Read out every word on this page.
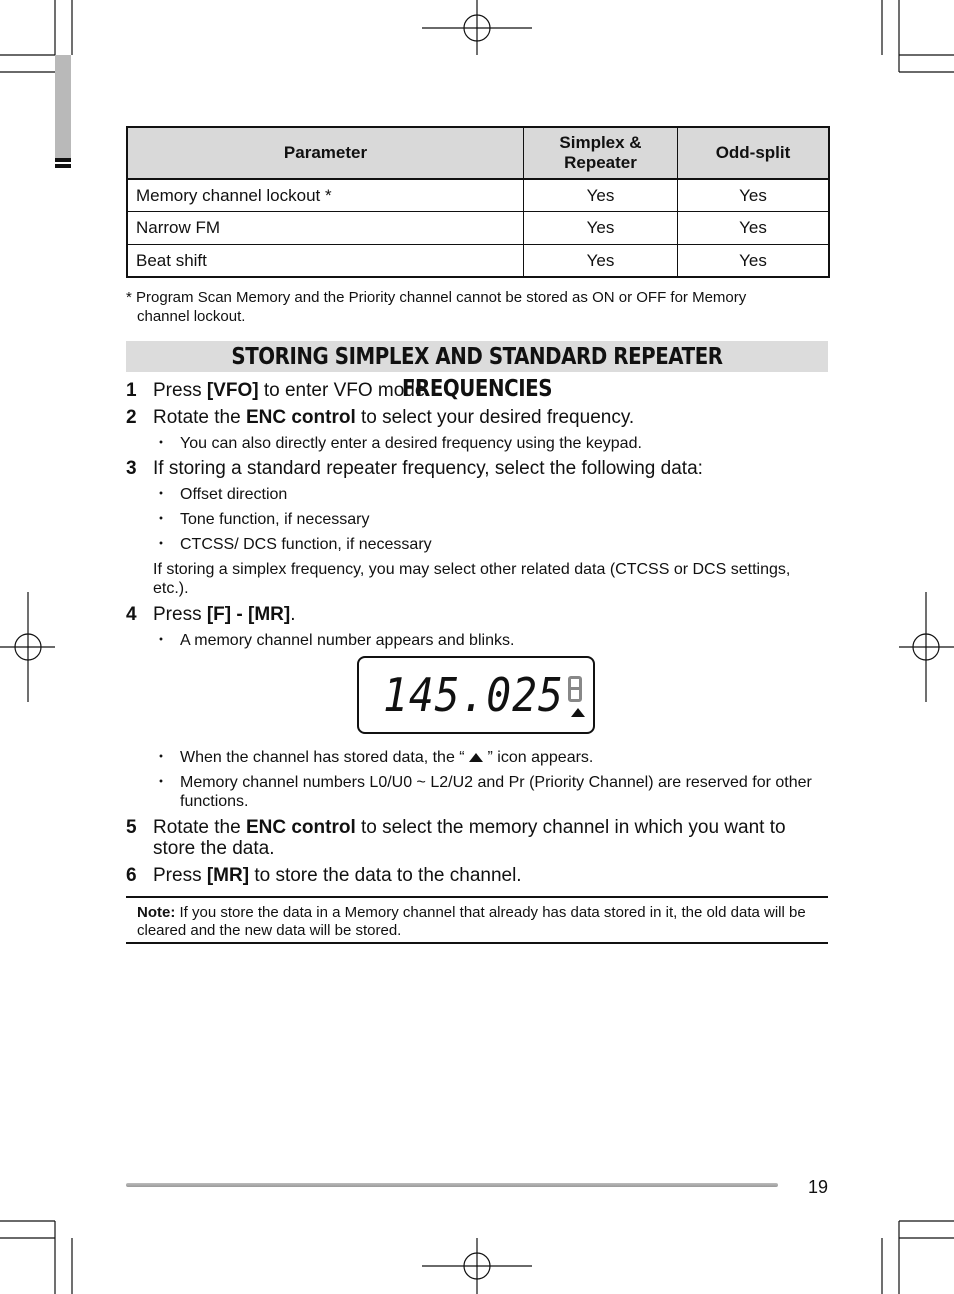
Parameter	Simplex & Repeater	Odd-split
Memory channel lockout *	Yes	Yes
Narrow FM	Yes	Yes
Beat shift	Yes	Yes
* Program Scan Memory and the Priority channel cannot be stored as ON or OFF for Memory
channel lockout.
STORING SIMPLEX AND STANDARD REPEATER FREQUENCIES
1 Press [VFO] to enter VFO mode.
2 Rotate the ENC control to select your desired frequency.
・ You can also directly enter a desired frequency using the keypad.
3 If storing a standard repeater frequency, select the following data:
・ Offset direction
・ Tone function, if necessary
・ CTCSS/ DCS function, if necessary
If storing a simplex frequency, you may select other related data (CTCSS or DCS settings, etc.).
4 Press [F] - [MR].
・ A memory channel number appears and blinks.
145.025
・ When the channel has stored data, the “  ” icon appears.
・ Memory channel numbers L0/U0 ~ L2/U2 and Pr (Priority Channel) are reserved for other functions.
5 Rotate the ENC control to select the memory channel in which you want to store the data.
6 Press [MR] to store the data to the channel.
Note: If you store the data in a Memory channel that already has data stored in it, the old data will be cleared and the new data will be stored.
19
